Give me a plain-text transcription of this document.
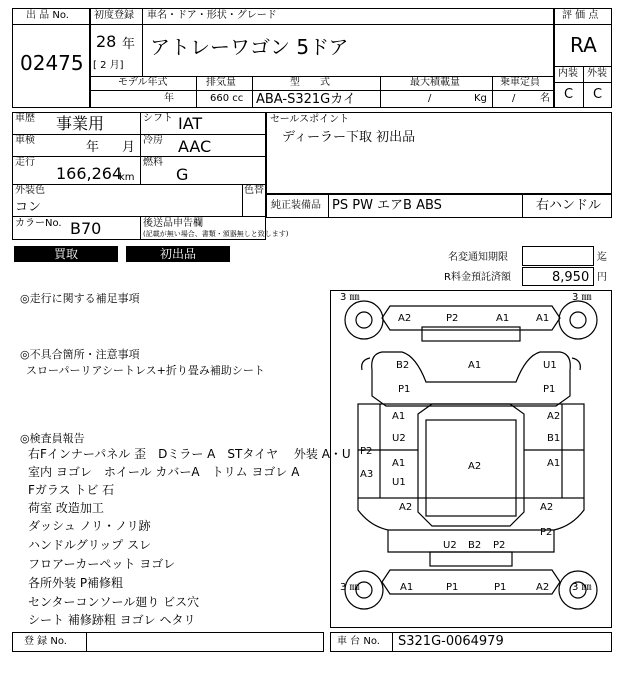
出 品 No.
02475
初度登録 車名・ドア・形状・グレード
28 年
[ 2 月]
アトレーワゴン 5ドア
モデル年式	排気量	型　　式	最大積載量	乗車定員
年	660 cc ABA-S321Gカイ	/	Kg	/ 名
評 価 点
RA
内装 外装
C C
車歴 事業用	シフト IAT
車検	年 月 冷房 AAC
走行
166,264
km
燃料
G
外装色
コン
色替
カラーNo. B70	後送品申告欄
(記載が無い場合、書類・頒器無しと致します)
セールスポイント
ディーラー下取 初出品
純正装備品 PS PW エアB ABS	右ハンドル
買取	初出品	名変通知期限	迄
R料金預託済額	8,950 円
◎走行に関する補足事項
◎不具合箇所・注意事項
スローパーリアシートレス+折り畳み補助シート
◎検査員報告
右Fインナーパネル 歪　Dミラー A　STタイヤ　 外装 A・U
室内 ヨゴレ　ホイール カバーA　トリム ヨゴレ A
Fガラス トビ 石
荷室 改造加工
ダッシュ ノリ・ノリ跡
ハンドルグリップ スレ
フロアーカーペット ヨゴレ
各所外装 P補修粗
センターコンソール廻り ビス穴
シート 補修跡粗 ヨゴレ ヘタリ
3 ㎜	3 ㎜
3 ㎜	3 ㎜
A2	P2	A1	A1
B2
P1
A1	U1
P1
A1
U2
A2
B1
P2
A3
A1
U1
A2	A1
A2	A2
P2
U2 B2 P2
A1	P1	P1	A2
登 録 No.	車 台 No. S321G-0064979
